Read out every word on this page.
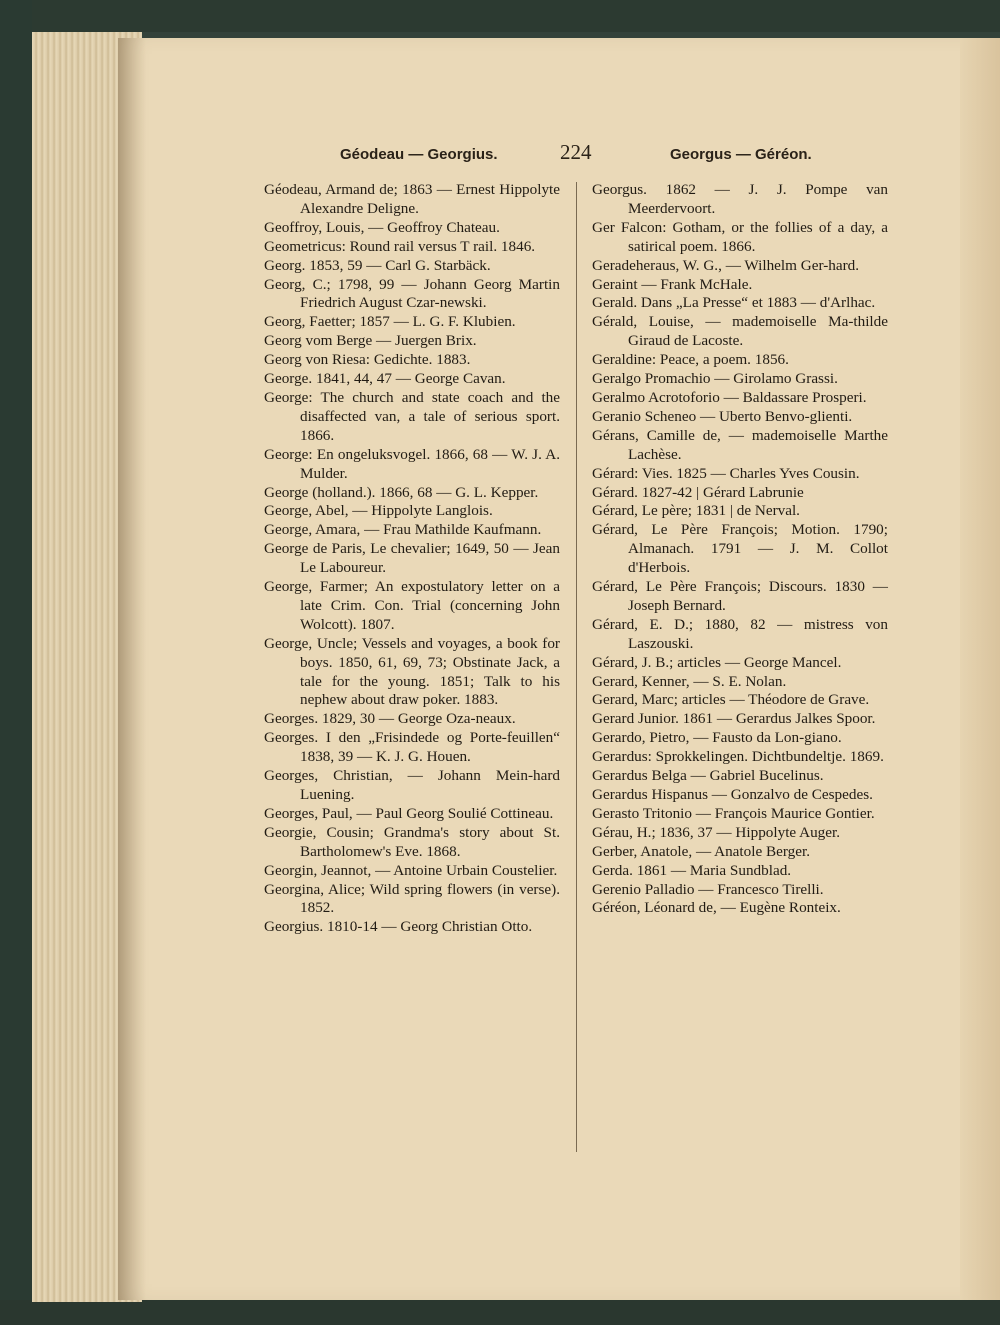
Géodeau — Georgius.	224	Georgus — Géréon.
Géodeau, Armand de; 1863 — Ernest Hippolyte Alexandre Deligne.
Geoffroy, Louis, — Geoffroy Chateau.
Geometricus: Round rail versus T rail. 1846.
Georg. 1853, 59 — Carl G. Starbäck.
Georg, C.; 1798, 99 — Johann Georg Martin Friedrich August Czar-newski.
Georg, Faetter; 1857 — L. G. F. Klubien.
Georg vom Berge — Juergen Brix.
Georg von Riesa: Gedichte. 1883.
George. 1841, 44, 47 — George Cavan.
George: The church and state coach and the disaffected van, a tale of serious sport. 1866.
George: En ongeluksvogel. 1866, 68 — W. J. A. Mulder.
George (holland.). 1866, 68 — G. L. Kepper.
George, Abel, — Hippolyte Langlois.
George, Amara, — Frau Mathilde Kaufmann.
George de Paris, Le chevalier; 1649, 50 — Jean Le Laboureur.
George, Farmer; An expostulatory letter on a late Crim. Con. Trial (concerning John Wolcott). 1807.
George, Uncle; Vessels and voyages, a book for boys. 1850, 61, 69, 73; Obstinate Jack, a tale for the young. 1851; Talk to his nephew about draw poker. 1883.
Georges. 1829, 30 — George Oza-neaux.
Georges. I den „Frisindede og Porte-feuillen“ 1838, 39 — K. J. G. Houen.
Georges, Christian, — Johann Mein-hard Luening.
Georges, Paul, — Paul Georg Soulié Cottineau.
Georgie, Cousin; Grandma's story about St. Bartholomew's Eve. 1868.
Georgin, Jeannot, — Antoine Urbain Coustelier.
Georgina, Alice; Wild spring flowers (in verse). 1852.
Georgius. 1810-14 — Georg Christian Otto.
Georgus. 1862 — J. J. Pompe van Meerdervoort.
Ger Falcon: Gotham, or the follies of a day, a satirical poem. 1866.
Geradeheraus, W. G., — Wilhelm Ger-hard.
Geraint — Frank McHale.
Gerald. Dans „La Presse“ et 1883 — d'Arlhac.
Gérald, Louise, — mademoiselle Ma-thilde Giraud de Lacoste.
Geraldine: Peace, a poem. 1856.
Geralgo Promachio — Girolamo Grassi.
Geralmo Acrotoforio — Baldassare Prosperi.
Geranio Scheneo — Uberto Benvo-glienti.
Gérans, Camille de, — mademoiselle Marthe Lachèse.
Gérard: Vies. 1825 — Charles Yves Cousin.
Gérard. 1827-42 | Gérard Labrunie
Gérard, Le père; 1831 | de Nerval.
Gérard, Le Père François; Motion. 1790; Almanach. 1791 — J. M. Collot d'Herbois.
Gérard, Le Père François; Discours. 1830 — Joseph Bernard.
Gérard, E. D.; 1880, 82 — mistress von Laszouski.
Gérard, J. B.; articles — George Mancel.
Gerard, Kenner, — S. E. Nolan.
Gerard, Marc; articles — Théodore de Grave.
Gerard Junior. 1861 — Gerardus Jalkes Spoor.
Gerardo, Pietro, — Fausto da Lon-giano.
Gerardus: Sprokkelingen. Dichtbundeltje. 1869.
Gerardus Belga — Gabriel Bucelinus.
Gerardus Hispanus — Gonzalvo de Cespedes.
Gerasto Tritonio — François Maurice Gontier.
Gérau, H.; 1836, 37 — Hippolyte Auger.
Gerber, Anatole, — Anatole Berger.
Gerda. 1861 — Maria Sundblad.
Gerenio Palladio — Francesco Tirelli.
Géréon, Léonard de, — Eugène Ronteix.
